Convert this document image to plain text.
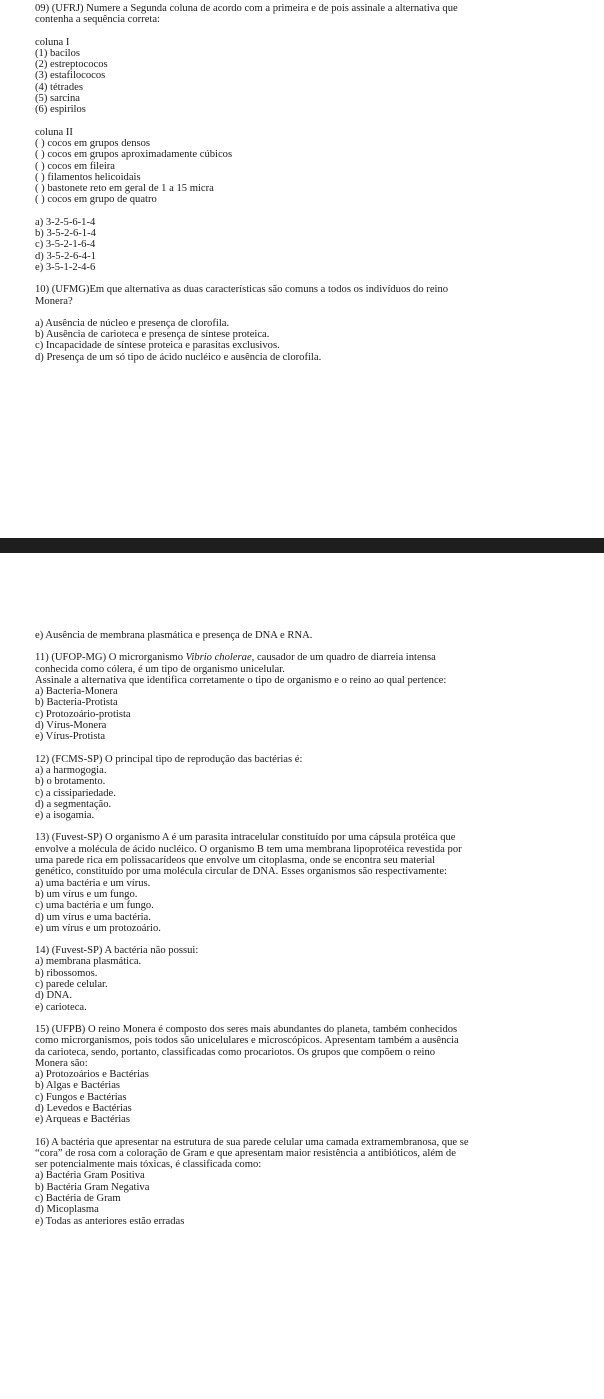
09) (UFRJ) Numere a Segunda coluna de acordo com a primeira e de pois assinale a alternativa que

contenha a sequência correta:

coluna I

(1) bacilos

(2) estreptococos

(3) estafilococos

(4) tétrades

(5) sarcina

(6) espirilos

coluna II

( ) cocos em grupos densos

( ) cocos em grupos aproximadamente cúbicos

( ) cocos em fileira

( ) filamentos helicoidais

( ) bastonete reto em geral de 1 a 15 micra

( ) cocos em grupo de quatro

a) 3-2-5-6-1-4

b) 3-5-2-6-1-4

c) 3-5-2-1-6-4

d) 3-5-2-6-4-1

e) 3-5-1-2-4-6

10) (UFMG)Em que alternativa as duas características são comuns a todos os indivíduos do reino

Monera?

a) Ausência de núcleo e presença de clorofila.

b) Ausência de carioteca e presença de síntese proteica.

c) Incapacidade de síntese proteica e parasitas exclusivos.

d) Presença de um só tipo de ácido nucléico e ausência de clorofila.

e) Ausência de membrana plasmática e presença de DNA e RNA.

11) (UFOP-MG) O microrganismo Vibrio cholerae, causador de um quadro de diarreia intensa

conhecida como cólera, é um tipo de organismo unicelular.

Assinale a alternativa que identifica corretamente o tipo de organismo e o reino ao qual pertence:

a) Bacteria-Monera

b) Bacteria-Protista

c) Protozoário-protista

d) Vírus-Monera

e) Vírus-Protista

12) (FCMS-SP) O principal tipo de reprodução das bactérias é:

a) a harmogogia.

b) o brotamento.

c) a cissipariedade.

d) a segmentação.

e) a isogamia.

13) (Fuvest-SP) O organismo A é um parasita intracelular constituído por uma cápsula protéica que

envolve a molécula de ácido nucléico. O organismo B tem uma membrana lipoprotéica revestida por

uma parede rica em polissacarídeos que envolve um citoplasma, onde se encontra seu material

genético, constituído por uma molécula circular de DNA. Esses organismos são respectivamente:

a) uma bactéria e um vírus.

b) um vírus e um fungo.

c) uma bactéria e um fungo.

d) um vírus e uma bactéria.

e) um vírus e um protozoário.

14) (Fuvest-SP) A bactéria não possui:

a) membrana plasmática.

b) ribossomos.

c) parede celular.

d) DNA.

e) carioteca.

15) (UFPB) O reino Monera é composto dos seres mais abundantes do planeta, também conhecidos

como microrganismos, pois todos são unicelulares e microscópicos. Apresentam também a ausência

da carioteca, sendo, portanto, classificadas como procariotos. Os grupos que compõem o reino

Monera são:

a) Protozoários e Bactérias

b) Algas e Bactérias

c) Fungos e Bactérias

d) Levedos e Bactérias

e) Arqueas e Bactérias

16) A bactéria que apresentar na estrutura de sua parede celular uma camada extramembranosa, que se

“cora” de rosa com a coloração de Gram e que apresentam maior resistência a antibióticos, além de

ser potencialmente mais tóxicas, é classificada como:

a) Bactéria Gram Positiva

b) Bactéria Gram Negativa

c) Bactéria de Gram

d) Micoplasma

e) Todas as anteriores estão erradas
